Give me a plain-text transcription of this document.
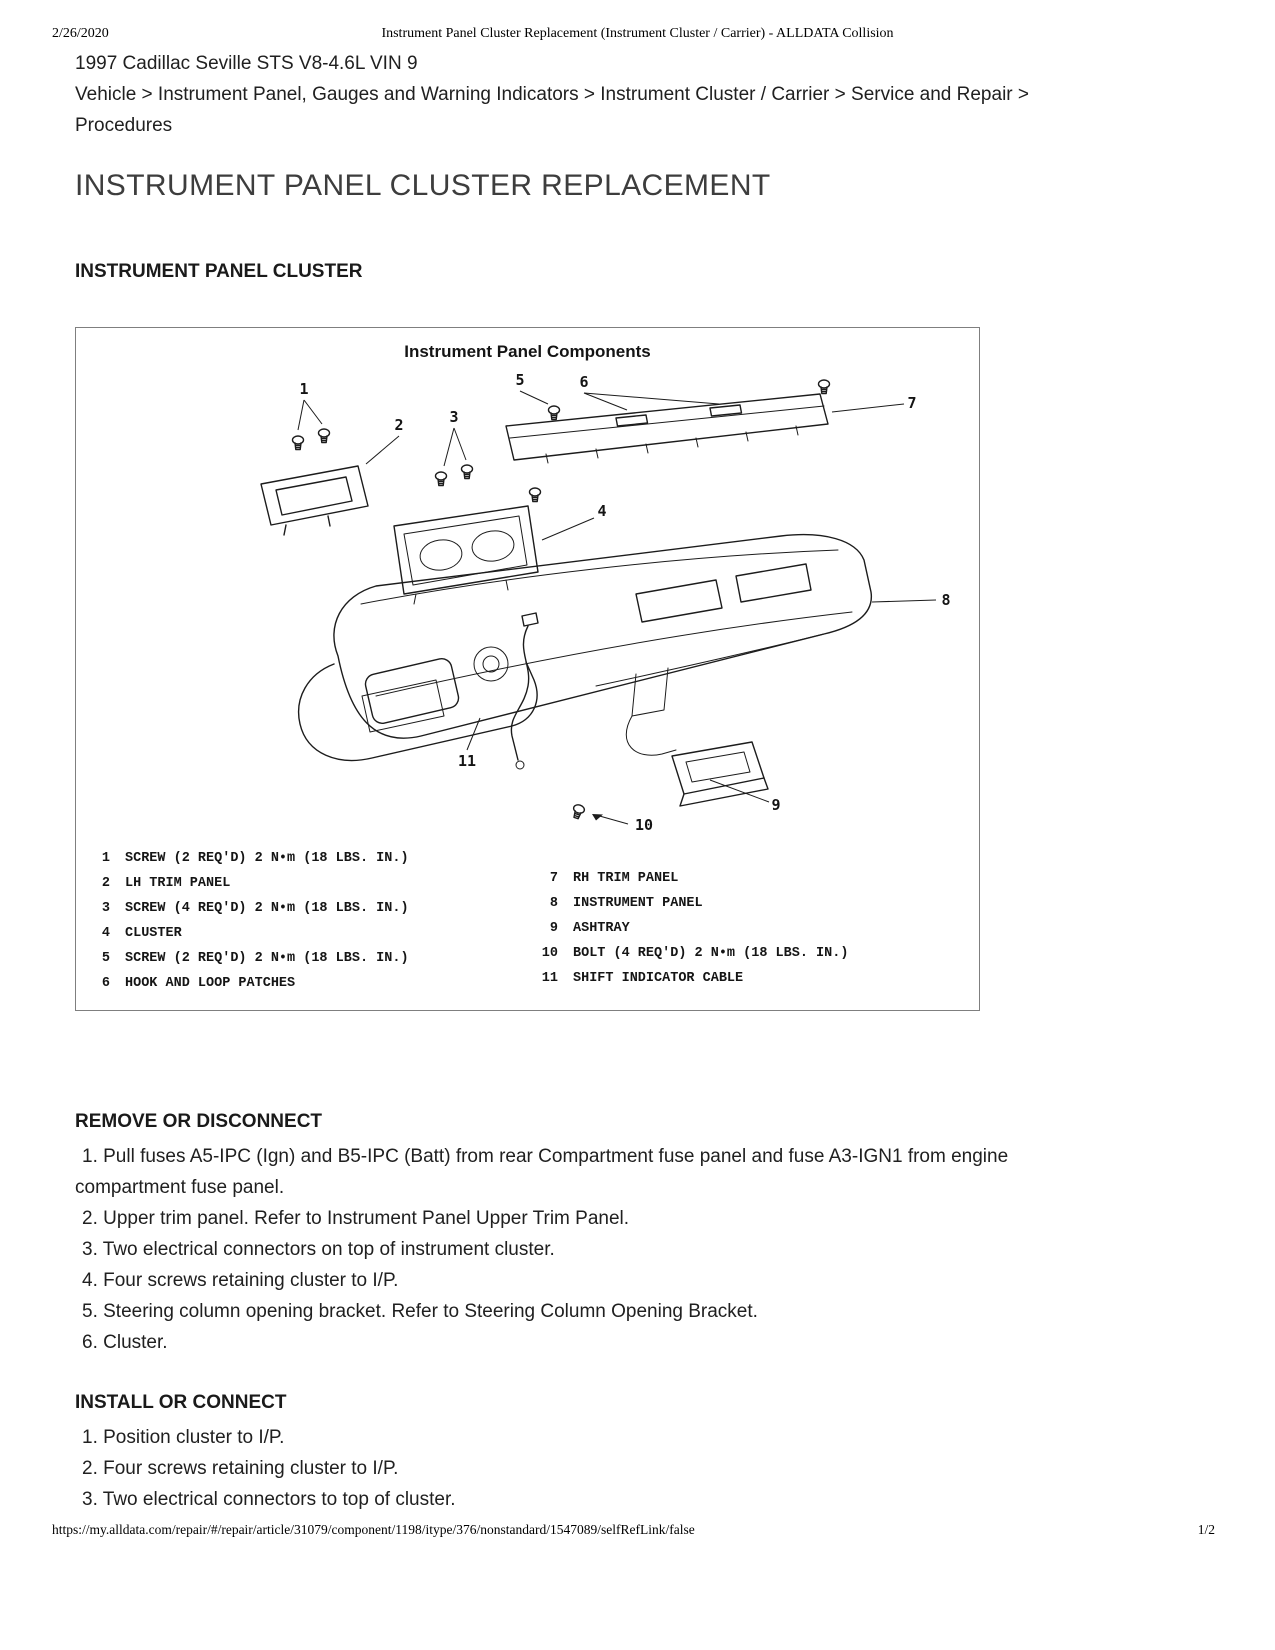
2/26/2020	Instrument Panel Cluster Replacement (Instrument Cluster / Carrier) - ALLDATA Collision
1997 Cadillac Seville STS V8-4.6L VIN 9
Vehicle > Instrument Panel, Gauges and Warning Indicators > Instrument Cluster / Carrier > Service and Repair > Procedures
INSTRUMENT PANEL CLUSTER REPLACEMENT
INSTRUMENT PANEL CLUSTER
Instrument Panel Components
1
2	3
4
5	6
7
8
9
10
11
1 SCREW (2 REQ'D) 2 N•m (18 LBS. IN.)
2 LH TRIM PANEL
3 SCREW (4 REQ'D) 2 N•m (18 LBS. IN.)
4 CLUSTER
5 SCREW (2 REQ'D) 2 N•m (18 LBS. IN.)
6 HOOK AND LOOP PATCHES
7 RH TRIM PANEL
8 INSTRUMENT PANEL
9 ASHTRAY
10 BOLT (4 REQ'D) 2 N•m (18 LBS. IN.)
11 SHIFT INDICATOR CABLE

REMOVE OR DISCONNECT

1. Pull fuses A5-IPC (Ign) and B5-IPC (Batt) from rear Compartment fuse panel and fuse A3-IGN1 from engine compartment fuse panel.

2. Upper trim panel. Refer to Instrument Panel Upper Trim Panel.

3. Two electrical connectors on top of instrument cluster.

4. Four screws retaining cluster to I/P.

5. Steering column opening bracket. Refer to Steering Column Opening Bracket.

6. Cluster.

INSTALL OR CONNECT

1. Position cluster to I/P.

2. Four screws retaining cluster to I/P.

3. Two electrical connectors to top of cluster.

https://my.alldata.com/repair/#/repair/article/31079/component/1198/itype/376/nonstandard/1547089/selfRefLink/false	1/2
